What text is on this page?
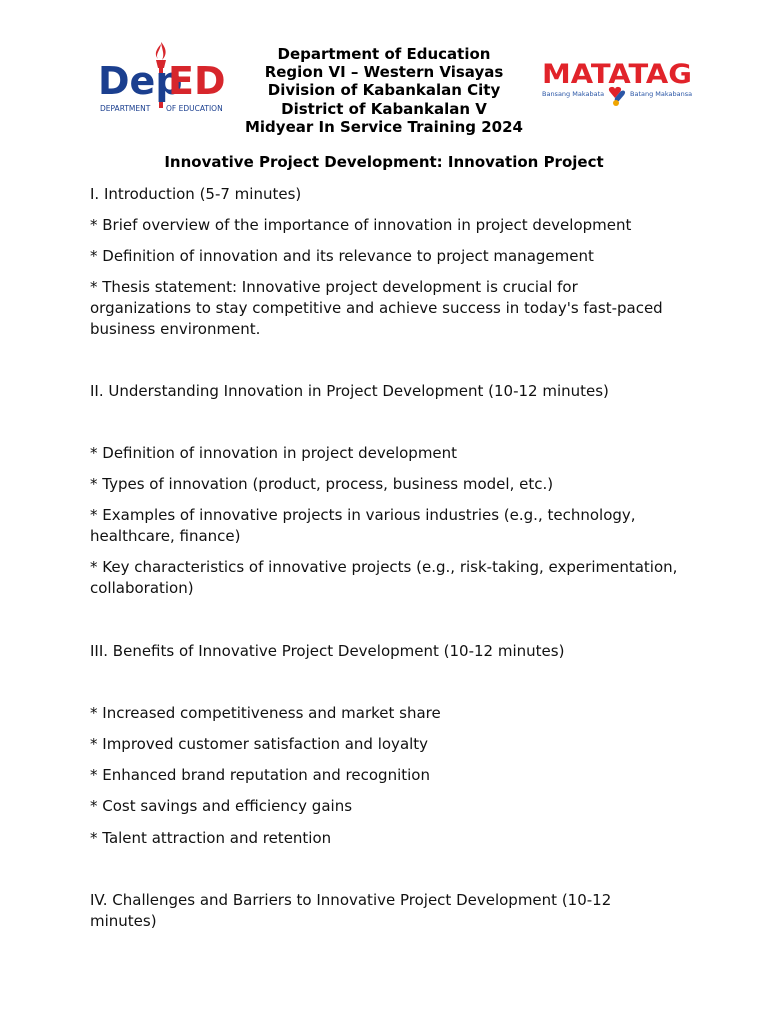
Dep
ED
DEPARTMENT OF EDUCATION
Department of Education
Region VI – Western Visayas
Division of Kabankalan City
District of Kabankalan V
Midyear In Service Training 2024
MATATAG
Bansang Makabata	Batang Makabansa
Innovative Project Development: Innovation Project
I. Introduction (5-7 minutes)
* Brief overview of the importance of innovation in project development
* Definition of innovation and its relevance to project management
* Thesis statement: Innovative project development is crucial for organizations to stay competitive and achieve success in today's fast-paced business environment.
II. Understanding Innovation in Project Development (10-12 minutes)
* Definition of innovation in project development
* Types of innovation (product, process, business model, etc.)
* Examples of innovative projects in various industries (e.g., technology, healthcare, finance)
* Key characteristics of innovative projects (e.g., risk-taking, experimentation, collaboration)
III. Benefits of Innovative Project Development (10-12 minutes)
* Increased competitiveness and market share
* Improved customer satisfaction and loyalty
* Enhanced brand reputation and recognition
* Cost savings and efficiency gains
* Talent attraction and retention
IV. Challenges and Barriers to Innovative Project Development (10-12 minutes)
